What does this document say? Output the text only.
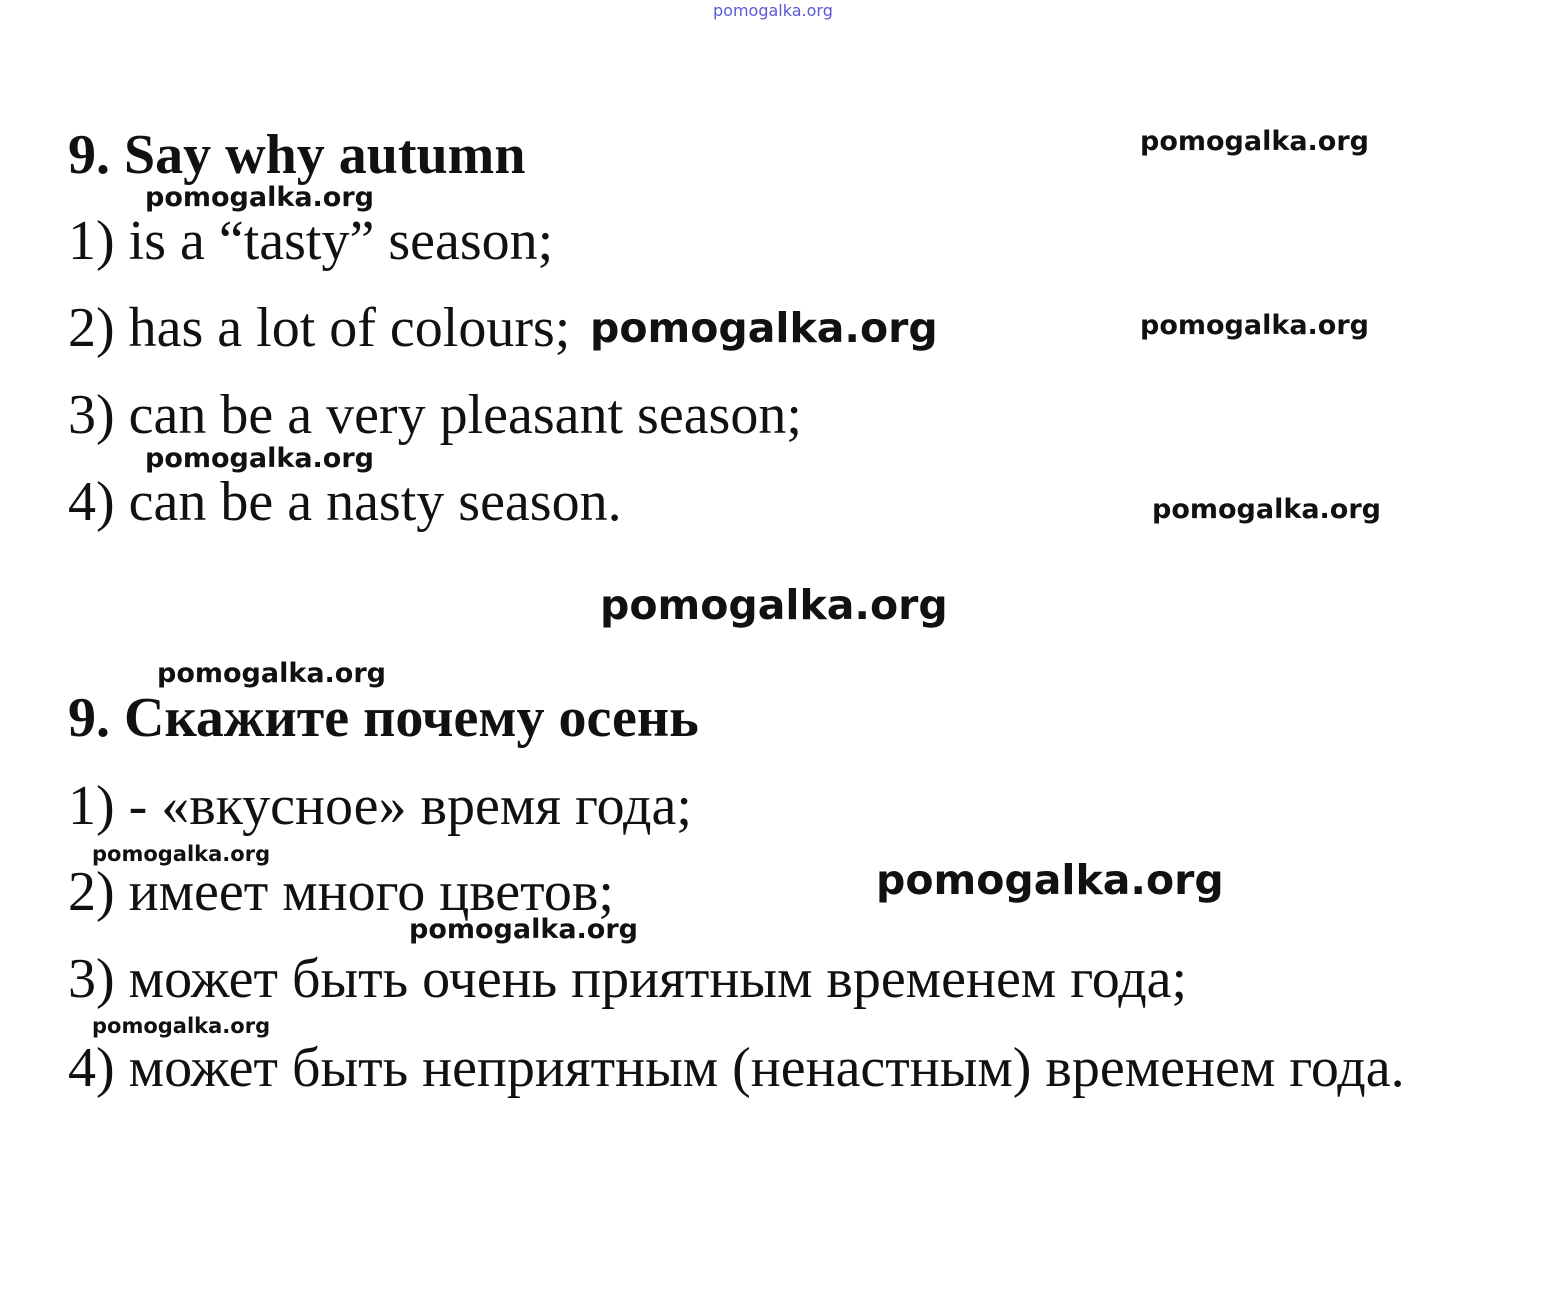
pomogalka.org
9. Say why autumn
1) is a “tasty” season;
2) has a lot of colours;
3) can be a very pleasant season;
4) can be a nasty season.
9. Скажите почему осень
1) - «вкусное» время года;
2) имеет много цветов;
3) может быть очень приятным временем года;
4) может быть неприятным (ненастным) временем года.
pomogalka.org
pomogalka.org
pomogalka.org	pomogalka.org
pomogalka.org
pomogalka.org
pomogalka.org
pomogalka.org
pomogalka.org
pomogalka.org
pomogalka.org
pomogalka.org
